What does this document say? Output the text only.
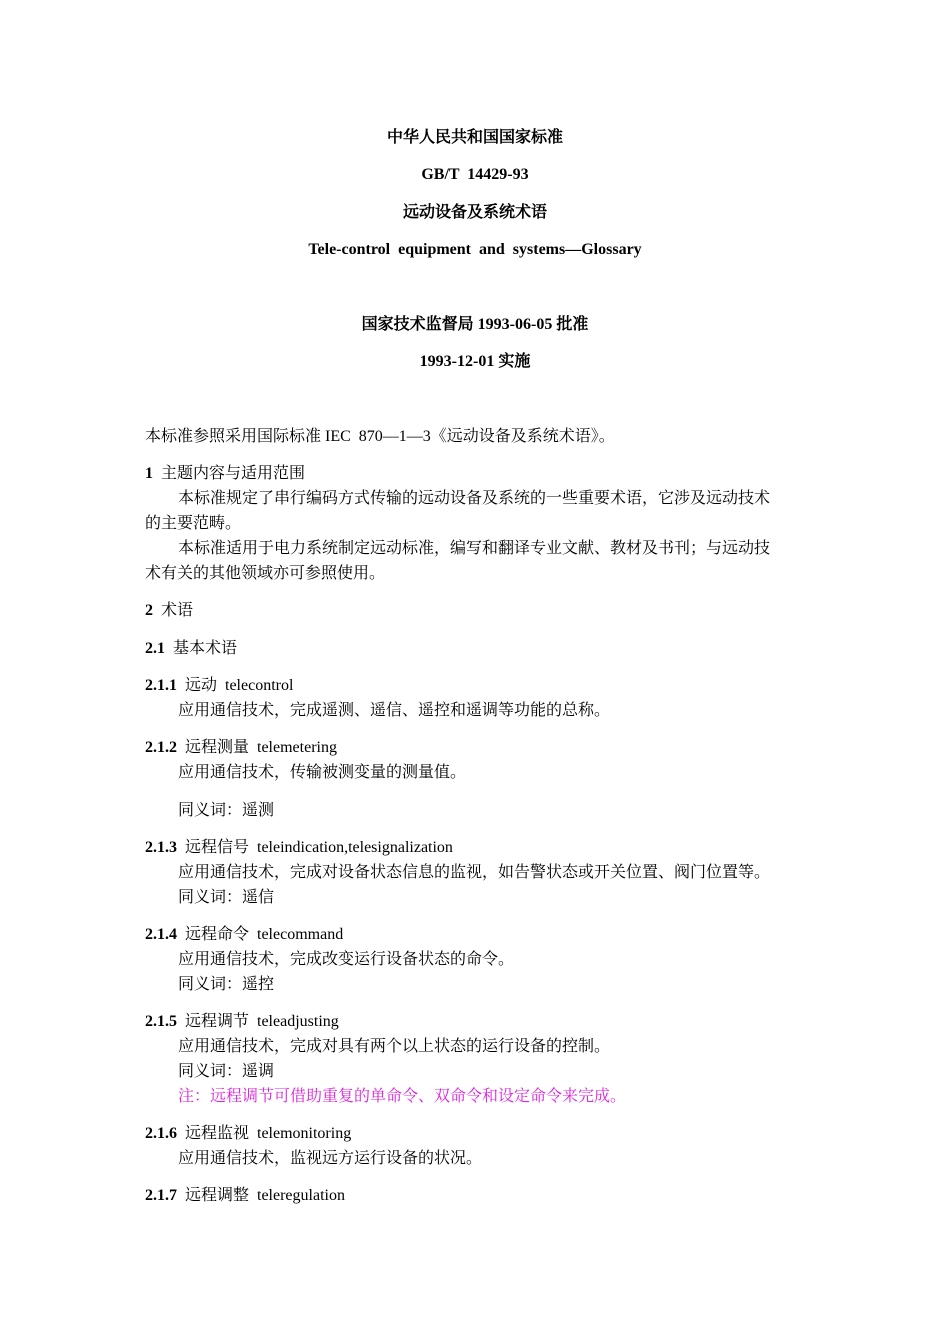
中华人民共和国国家标准
GB/T  14429-93
远动设备及系统术语
Tele-control  equipment  and  systems—Glossary
国家技术监督局 1993-06-05 批准
1993-12-01 实施
本标准参照采用国际标准 IEC  870—1—3《远动设备及系统术语》。
1 主题内容与适用范围
本标准规定了串行编码方式传输的远动设备及系统的一些重要术语，它涉及远动技术
的主要范畴。
本标准适用于电力系统制定远动标准，编写和翻译专业文献、教材及书刊；与远动技
术有关的其他领域亦可参照使用。
2 术语
2.1 基本术语
2.1.1 远动  telecontrol
应用通信技术，完成遥测、遥信、遥控和遥调等功能的总称。
2.1.2 远程测量  telemetering
应用通信技术，传输被测变量的测量值。
同义词：遥测
2.1.3 远程信号  teleindication,telesignalization
应用通信技术，完成对设备状态信息的监视，如告警状态或开关位置、阀门位置等。
同义词：遥信
2.1.4 远程命令  telecommand
应用通信技术，完成改变运行设备状态的命令。
同义词：遥控
2.1.5 远程调节  teleadjusting
应用通信技术，完成对具有两个以上状态的运行设备的控制。
同义词：遥调
注：远程调节可借助重复的单命令、双命令和设定命令来完成。
2.1.6 远程监视  telemonitoring
应用通信技术，监视远方运行设备的状况。
2.1.7 远程调整  teleregulation
